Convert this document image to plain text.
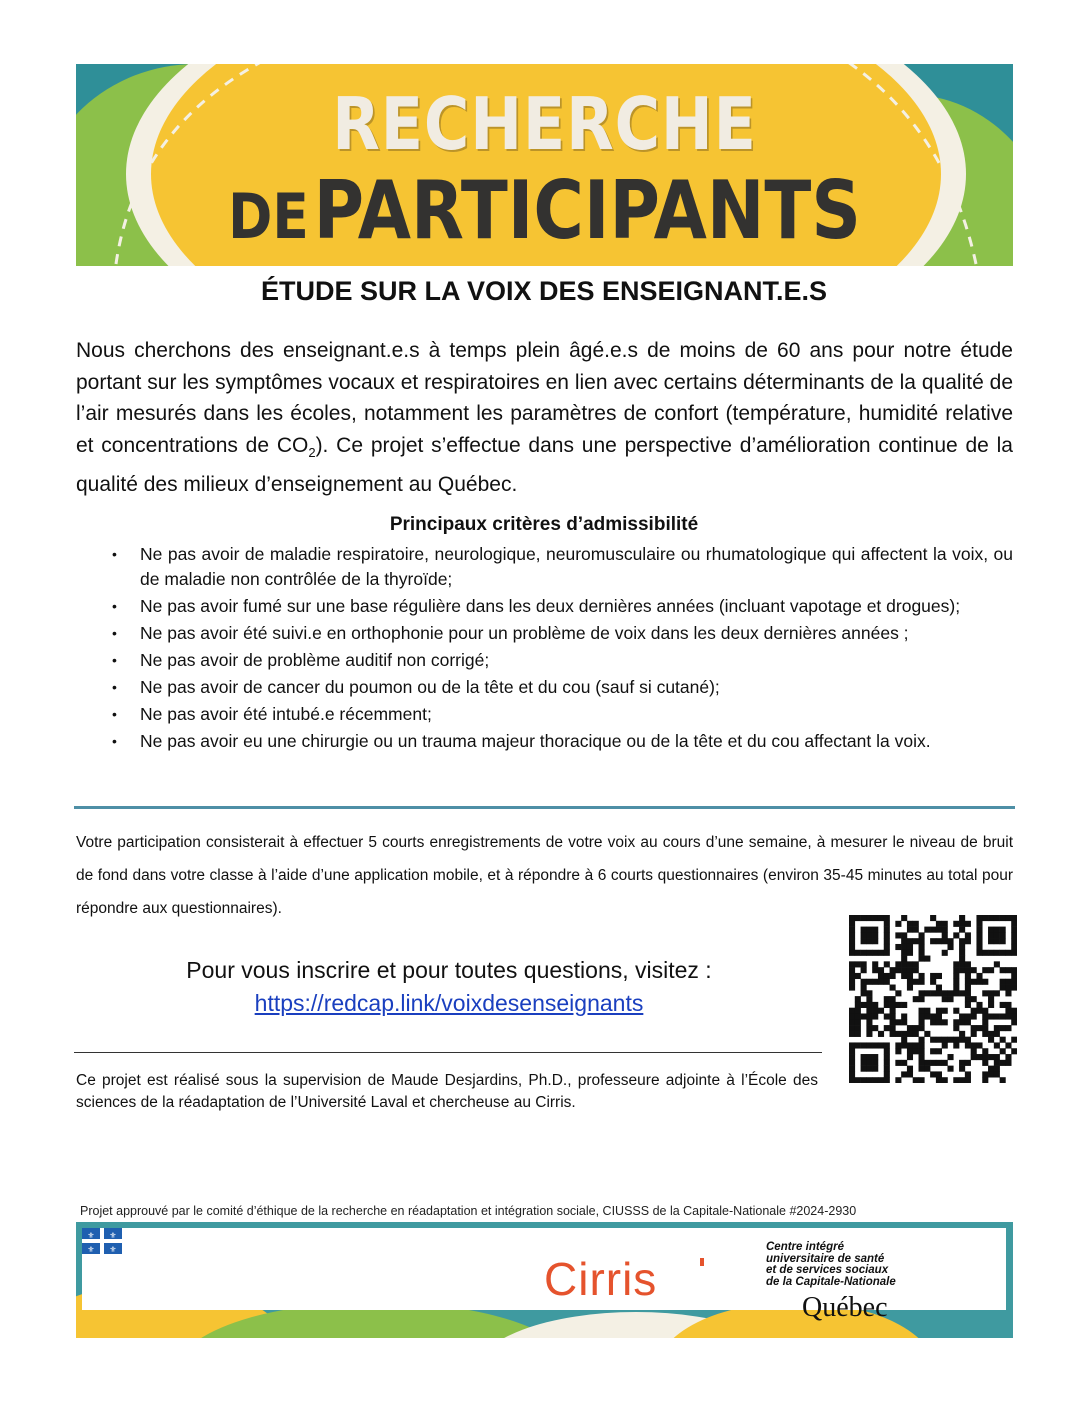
RECHERCHE
DE PARTICIPANTS
ÉTUDE SUR LA VOIX DES ENSEIGNANT.E.S

Nous cherchons des enseignant.e.s à temps plein âgé.e.s de moins de 60 ans pour notre étude portant sur les symptômes vocaux et respiratoires en lien avec certains déterminants de la qualité de l’air mesurés dans les écoles, notamment les paramètres de confort (température, humidité relative et concentrations de $CO_2$). Ce projet s’effectue dans une perspective d’amélioration continue de la qualité des milieux d’enseignement au Québec.

Principaux critères d’admissibilité
• Ne pas avoir de maladie respiratoire, neurologique, neuromusculaire ou rhumatologique qui affectent la voix, ou de maladie non contrôlée de la thyroïde;
• Ne pas avoir fumé sur une base régulière dans les deux dernières années (incluant vapotage et drogues);
• Ne pas avoir été suivi.e en orthophonie pour un problème de voix dans les deux dernières années ;
• Ne pas avoir de problème auditif non corrigé;
• Ne pas avoir de cancer du poumon ou de la tête et du cou (sauf si cutané);
• Ne pas avoir été intubé.e récemment;
• Ne pas avoir eu une chirurgie ou un trauma majeur thoracique ou de la tête et du cou affectant la voix.

Votre participation consisterait à effectuer 5 courts enregistrements de votre voix au cours d’une semaine, à mesurer le niveau de bruit de fond dans votre classe à l’aide d’une application mobile, et à répondre à 6 courts questionnaires (environ 35-45 minutes au total pour répondre aux questionnaires).

Pour vous inscrire et pour toutes questions, visitez :
https://redcap.link/voixdesenseignants

Ce projet est réalisé sous la supervision de Maude Desjardins, Ph.D., professeure adjointe à l’École des sciences de la réadaptation de l’Université Laval et chercheuse au Cirris.

Projet approuvé par le comité d’éthique de la recherche en réadaptation et intégration sociale, CIUSSS de la Capitale-Nationale #2024-2930
Cirris
Centre intégré
universitaire de santé
et de services sociaux
de la Capitale-Nationale
Québec
⚜ ⚜
⚜ ⚜
